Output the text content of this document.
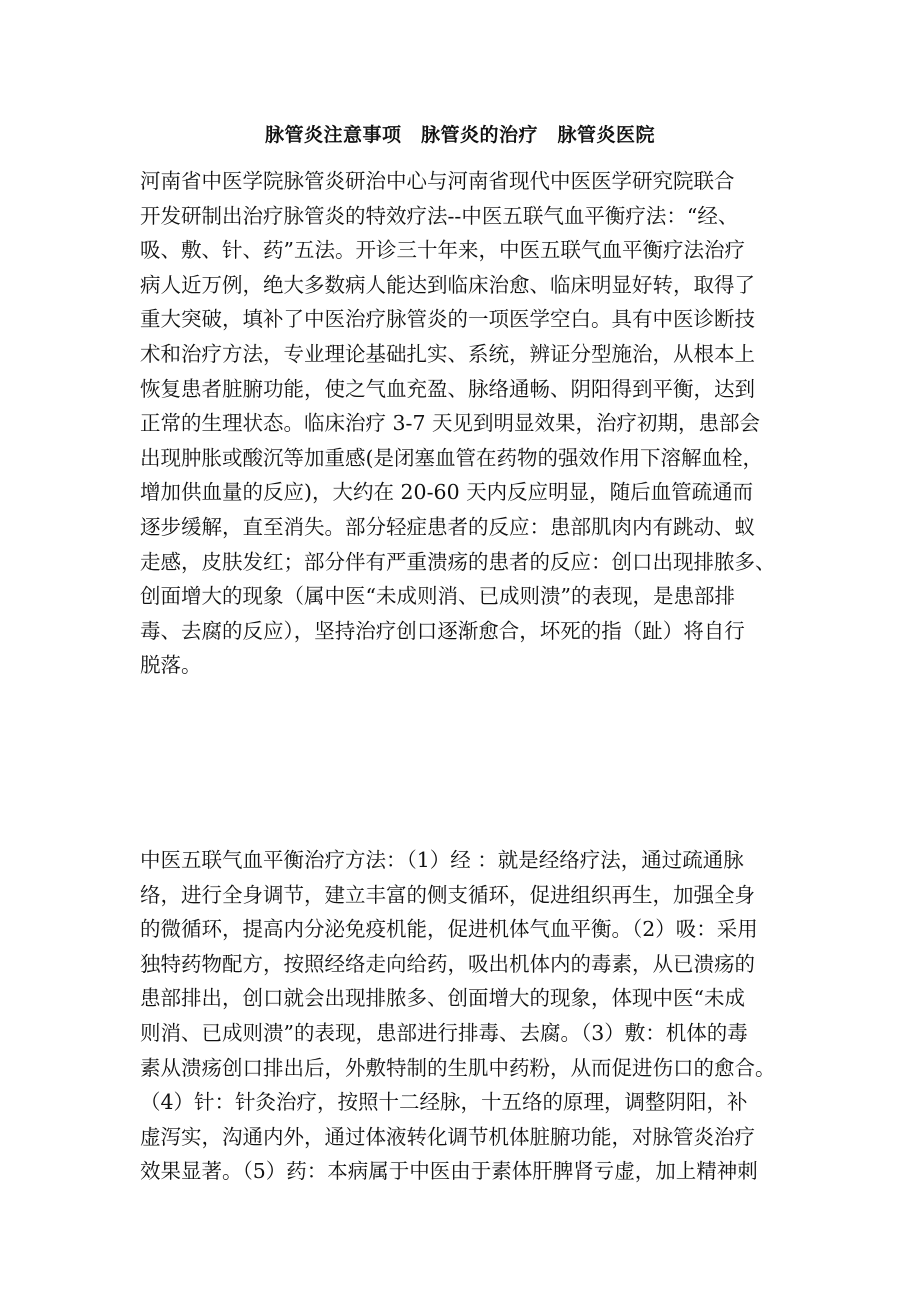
脉管炎注意事项　脉管炎的治疗　脉管炎医院
河南省中医学院脉管炎研治中心与河南省现代中医医学研究院联合
开发研制出治疗脉管炎的特效疗法--中医五联气血平衡疗法：“经、
吸、敷、针、药”五法。开诊三十年来，中医五联气血平衡疗法治疗
病人近万例，绝大多数病人能达到临床治愈、临床明显好转，取得了
重大突破，填补了中医治疗脉管炎的一项医学空白。具有中医诊断技
术和治疗方法，专业理论基础扎实、系统，辨证分型施治，从根本上
恢复患者脏腑功能，使之气血充盈、脉络通畅、阴阳得到平衡，达到
正常的生理状态。临床治疗 3-7 天见到明显效果，治疗初期，患部会
出现肿胀或酸沉等加重感(是闭塞血管在药物的强效作用下溶解血栓，
增加供血量的反应)，大约在 20-60 天内反应明显，随后血管疏通而
逐步缓解，直至消失。部分轻症患者的反应：患部肌肉内有跳动、蚁
走感，皮肤发红；部分伴有严重溃疡的患者的反应：创口出现排脓多、
创面增大的现象（属中医“未成则消、已成则溃”的表现，是患部排
毒、去腐的反应），坚持治疗创口逐渐愈合，坏死的指（趾）将自行
脱落。
中医五联气血平衡治疗方法：（1）经 ：就是经络疗法，通过疏通脉
络，进行全身调节，建立丰富的侧支循环，促进组织再生，加强全身
的微循环，提高内分泌免疫机能，促进机体气血平衡。（2）吸：采用
独特药物配方，按照经络走向给药，吸出机体内的毒素，从已溃疡的
患部排出，创口就会出现排脓多、创面增大的现象，体现中医“未成
则消、已成则溃”的表现，患部进行排毒、去腐。（3）敷：机体的毒
素从溃疡创口排出后，外敷特制的生肌中药粉，从而促进伤口的愈合。
（4）针：针灸治疗，按照十二经脉，十五络的原理，调整阴阳，补
虚泻实，沟通内外，通过体液转化调节机体脏腑功能，对脉管炎治疗
效果显著。（5）药：本病属于中医由于素体肝脾肾亏虚，加上精神刺
